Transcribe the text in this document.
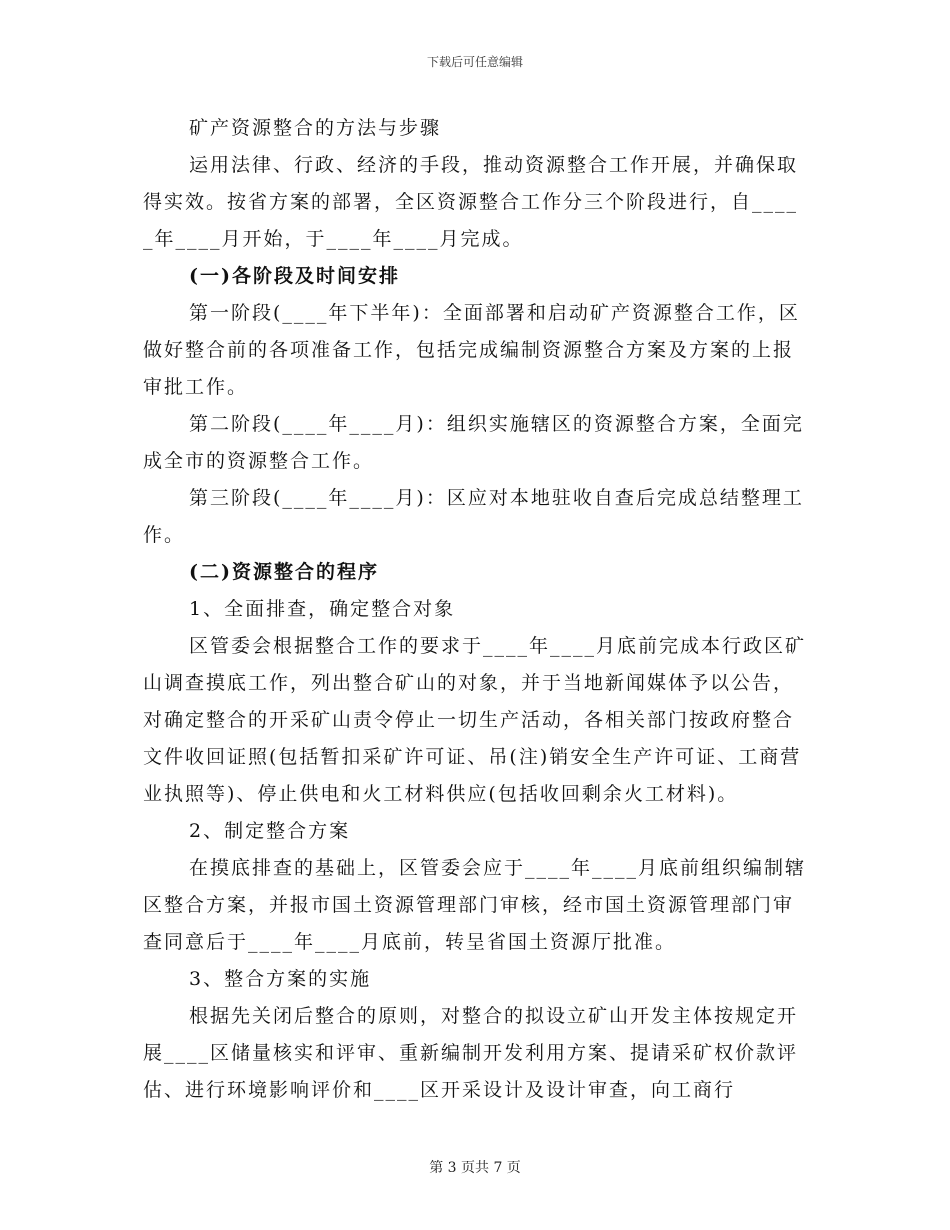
下载后可任意编辑

矿产资源整合的方法与步骤

运用法律、行政、经济的手段，推动资源整合工作开展，并确保取得实效。按省方案的部署，全区资源整合工作分三个阶段进行，自_____年____月开始，于____年____月完成。

(一)各阶段及时间安排

第一阶段(____年下半年)：全面部署和启动矿产资源整合工作，区做好整合前的各项准备工作，包括完成编制资源整合方案及方案的上报审批工作。

第二阶段(____年____月)：组织实施辖区的资源整合方案，全面完成全市的资源整合工作。

第三阶段(____年____月)：区应对本地驻收自查后完成总结整理工作。

(二)资源整合的程序

1、全面排查，确定整合对象

区管委会根据整合工作的要求于____年____月底前完成本行政区矿山调查摸底工作，列出整合矿山的对象，并于当地新闻媒体予以公告，对确定整合的开采矿山责令停止一切生产活动，各相关部门按政府整合文件收回证照(包括暂扣采矿许可证、吊(注)销安全生产许可证、工商营业执照等)、停止供电和火工材料供应(包括收回剩余火工材料)。

2、制定整合方案

在摸底排查的基础上，区管委会应于____年____月底前组织编制辖区整合方案，并报市国土资源管理部门审核，经市国土资源管理部门审查同意后于____年____月底前，转呈省国土资源厅批准。

3、整合方案的实施

根据先关闭后整合的原则，对整合的拟设立矿山开发主体按规定开展____区储量核实和评审、重新编制开发利用方案、提请采矿权价款评估、进行环境影响评价和____区开采设计及设计审查，向工商行

第 3 页共 7 页
